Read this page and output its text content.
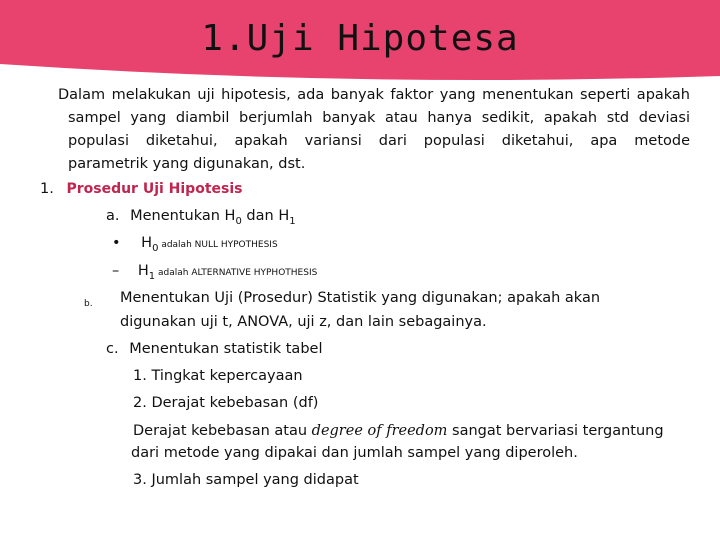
1.Uji Hipotesa
Dalam melakukan uji hipotesis, ada banyak faktor yang menentukan seperti apakah
sampel yang diambil berjumlah banyak atau hanya sedikit, apakah std deviasi
populasi diketahui, apakah variansi dari populasi diketahui, apa metode
parametrik yang digunakan, dst.
1. Prosedur Uji Hipotesis
a. Menentukan $H_0$ dan $H_1$
• $H_0$ adalah NULL HYPOTHESIS
– $H_1$ adalah ALTERNATIVE HYPHOTHESIS
b. Menentukan Uji (Prosedur) Statistik yang digunakan; apakah akan
digunakan uji t, ANOVA, uji z, dan lain sebagainya.
c. Menentukan statistik tabel
1. Tingkat kepercayaan
2. Derajat kebebasan (df)
Derajat kebebasan atau degree of freedom sangat bervariasi tergantung
dari metode yang dipakai dan jumlah sampel yang diperoleh.
3. Jumlah sampel yang didapat
